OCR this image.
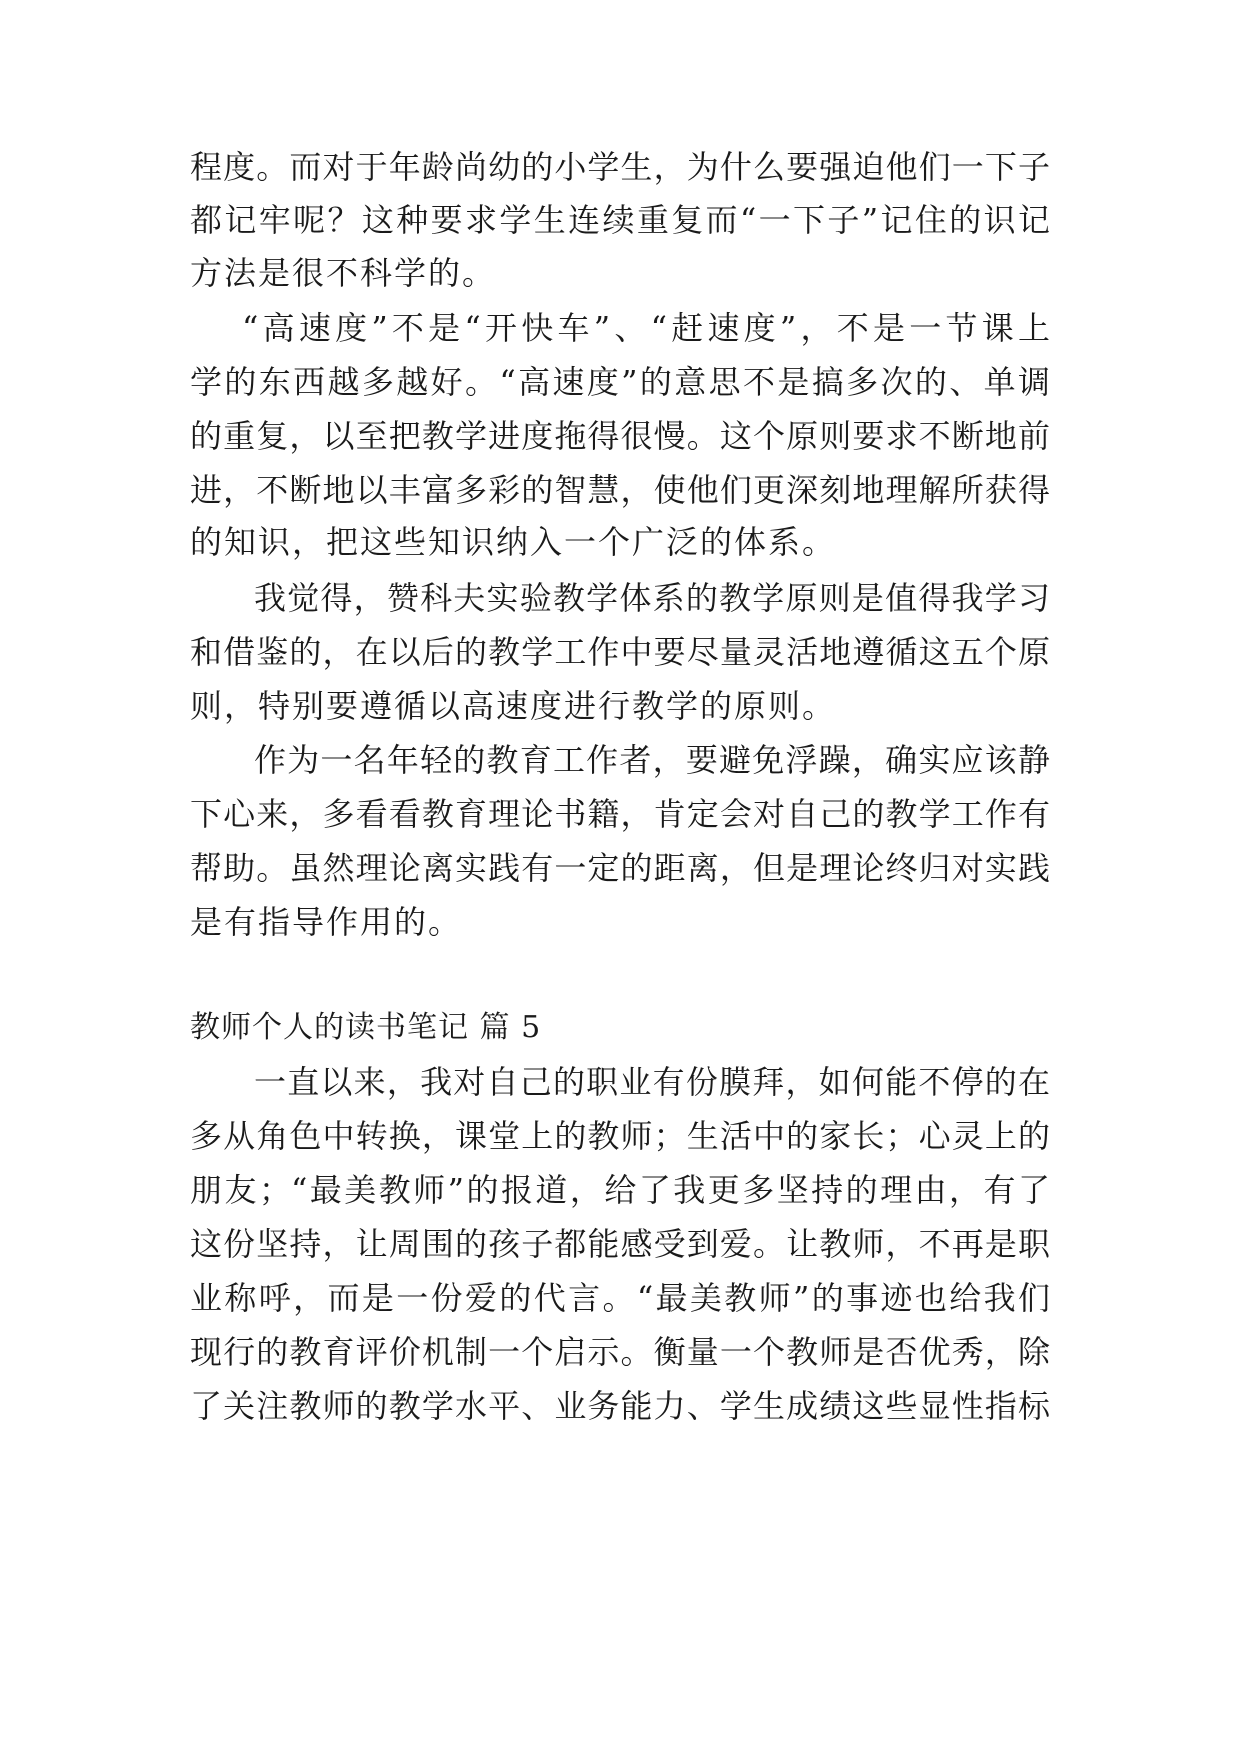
程度。而对于年龄尚幼的小学生，为什么要强迫他们一下子
都记牢呢？这种要求学生连续重复而“一下子”记住的识记
方法是很不科学的。
“高速度”不是“开快车”、“赶速度”，不是一节课上
学的东西越多越好。“高速度”的意思不是搞多次的、单调
的重复，以至把教学进度拖得很慢。这个原则要求不断地前
进，不断地以丰富多彩的智慧，使他们更深刻地理解所获得
的知识，把这些知识纳入一个广泛的体系。
我觉得，赞科夫实验教学体系的教学原则是值得我学习
和借鉴的，在以后的教学工作中要尽量灵活地遵循这五个原
则，特别要遵循以高速度进行教学的原则。
作为一名年轻的教育工作者，要避免浮躁，确实应该静
下心来，多看看教育理论书籍，肯定会对自己的教学工作有
帮助。虽然理论离实践有一定的距离，但是理论终归对实践
是有指导作用的。
教师个人的读书笔记 篇 5
一直以来，我对自己的职业有份膜拜，如何能不停的在
多从角色中转换，课堂上的教师；生活中的家长；心灵上的
朋友；“最美教师”的报道，给了我更多坚持的理由，有了
这份坚持，让周围的孩子都能感受到爱。让教师，不再是职
业称呼，而是一份爱的代言。“最美教师”的事迹也给我们
现行的教育评价机制一个启示。衡量一个教师是否优秀，除
了关注教师的教学水平、业务能力、学生成绩这些显性指标
